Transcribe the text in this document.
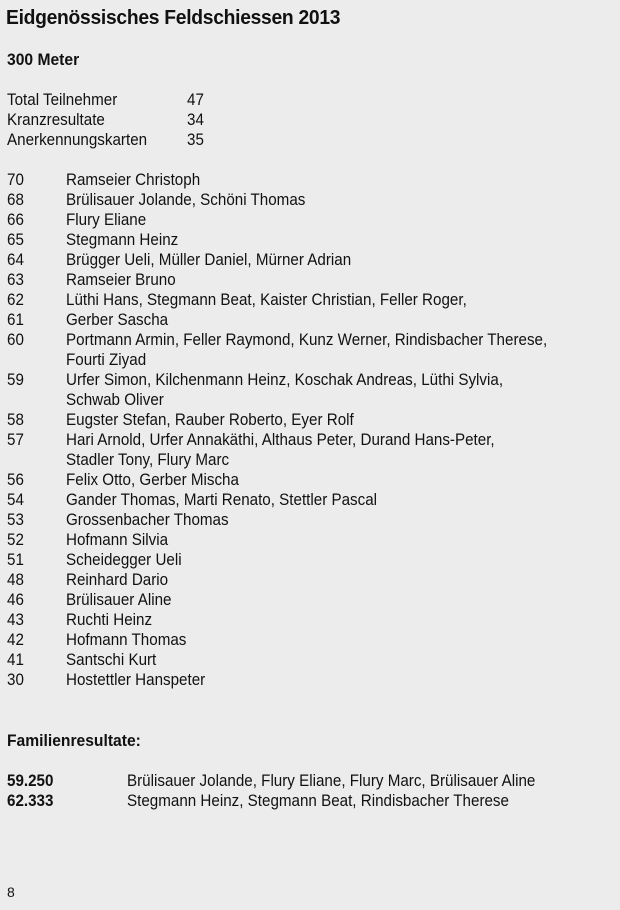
Eidgenössisches Feldschiessen 2013
300 Meter
Total Teilnehmer	47
Kranzresultate	34
Anerkennungskarten 35
70	Ramseier Christoph
68	Brülisauer Jolande, Schöni Thomas
66	Flury Eliane
65	Stegmann Heinz
64	Brügger Ueli, Müller Daniel, Mürner Adrian
63	Ramseier Bruno
62	Lüthi Hans, Stegmann Beat, Kaister Christian, Feller Roger,
61	Gerber Sascha
60	Portmann Armin, Feller Raymond, Kunz Werner, Rindisbacher Therese,
Fourti Ziyad
59	Urfer Simon, Kilchenmann Heinz, Koschak Andreas, Lüthi Sylvia,
Schwab Oliver
58	Eugster Stefan, Rauber Roberto, Eyer Rolf
57	Hari Arnold, Urfer Annakäthi, Althaus Peter, Durand Hans-Peter,
Stadler Tony, Flury Marc
56	Felix Otto, Gerber Mischa
54	Gander Thomas, Marti Renato, Stettler Pascal
53	Grossenbacher Thomas
52	Hofmann Silvia
51	Scheidegger Ueli
48	Reinhard Dario
46	Brülisauer Aline
43	Ruchti Heinz
42	Hofmann Thomas
41	Santschi Kurt
30	Hostettler Hanspeter
Familienresultate:
59.250	Brülisauer Jolande, Flury Eliane, Flury Marc, Brülisauer Aline
62.333	Stegmann Heinz, Stegmann Beat, Rindisbacher Therese
8
